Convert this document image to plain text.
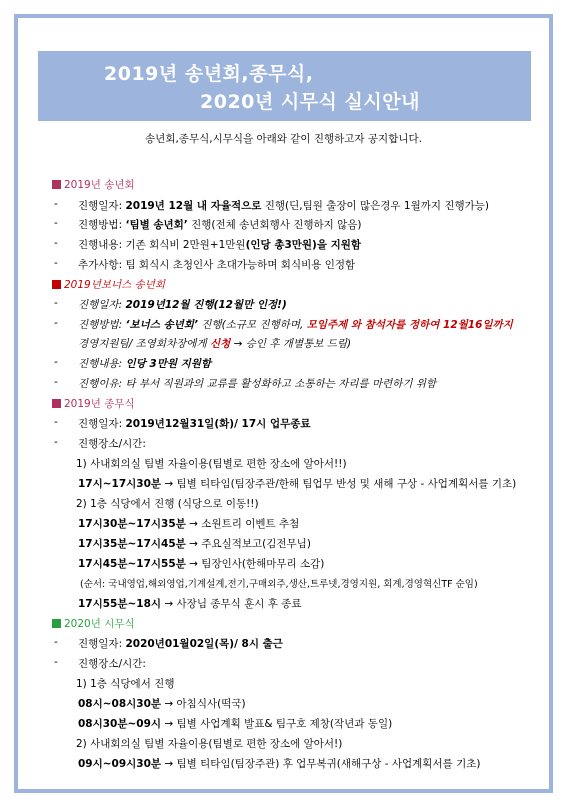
2019년 송년회,종무식,
2020년 시무식 실시안내
송년회,종무식,시무식을 아래와 같이 진행하고자 공지합니다.
2019년 송년회
- 진행일자: 2019년 12월 내 자율적으로 진행(딘,팀원 출장이 많은경우 1월까지 진행가능)
- 진행방법: ‘팀별 송년회’ 진행(전체 송년회행사 진행하지 않음)
- 진행내용: 기존 회식비 2만원+1만원(인당 총3만원)을 지원함
- 추가사항: 팀 회식시 초청인사 초대가능하며 회식비용 인정함
2019년보너스 송년회
- 진행일자: 2019년12월 진행(12월만 인정!)
- 진행방법: ‘보너스 송년회’ 진행(소규모 진행하며, 모임주제 와 참석자를 정하여 12월16일까지
경영지원팀/ 조영회차장에게 신청 → 승인 후 개별통보 드림)
- 진행내용: 인당 3만원 지원함
- 진행이유: 타 부서 직원과의 교류를 활성화하고 소통하는 자리를 마련하기 위함
2019년 종무식
- 진행일자: 2019년12월31일(화)/ 17시 업무종료
- 진행장소/시간:
1) 사내회의실 팀별 자율이용(팀별로 편한 장소에 알아서!!)
17시~17시30분 → 팀별 티타임(팀장주관/한해 팀업무 반성 및 새해 구상 - 사업계획서를 기초)
2) 1층 식당에서 진행 (식당으로 이동!!)
17시30분~17시35분 → 소원트리 이벤트 추첨
17시35분~17시45분 → 주요실적보고(김전무님)
17시45분~17시55분 → 팀장인사(한해마무리 소감)
(순서: 국내영업,해외영업,기계설계,전기,구매외주,생산,트루넷,경영지원, 회계,경영혁신TF 순임)
17시55분~18시 → 사장님 종무식 훈시 후 종료
2020년 시무식
- 진행일자: 2020년01월02일(목)/ 8시 출근
- 진행장소/시간:
1) 1층 식당에서 진행
08시~08시30분 → 아침식사(떡국)
08시30분~09시 → 팀별 사업계획 발표& 팀구호 제창(작년과 동일)
2) 사내회의실 팀별 자율이용(팀별로 편한 장소에 알아서!)
09시~09시30분 → 팀별 티타임(팀장주관) 후 업무복귀(새해구상 - 사업계획서를 기초)
